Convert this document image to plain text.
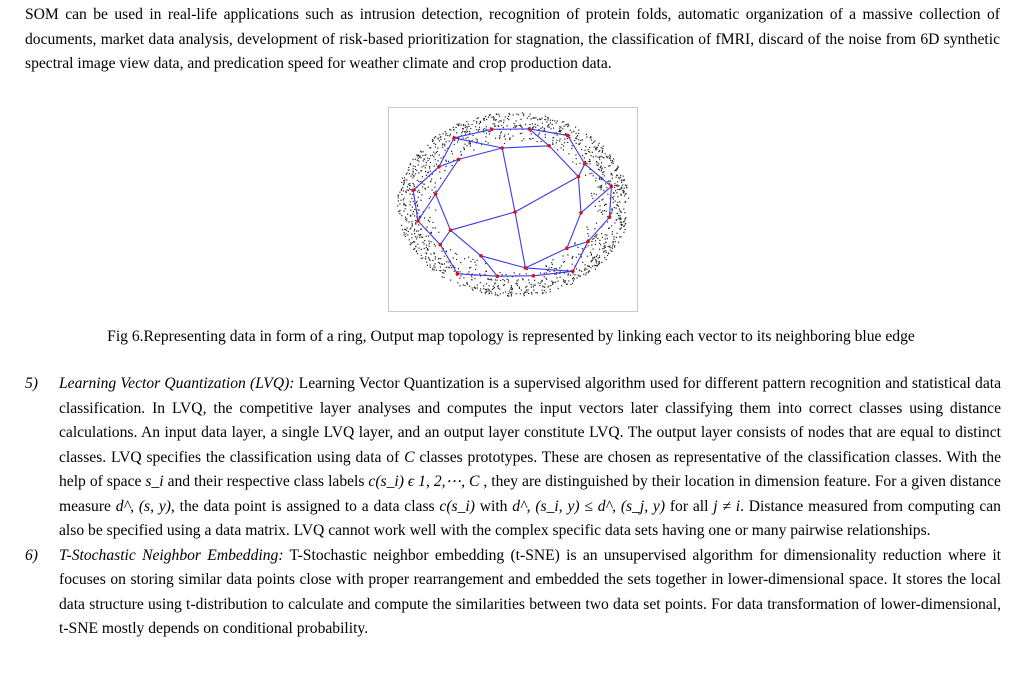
SOM can be used in real-life applications such as intrusion detection, recognition of protein folds, automatic organization of a massive collection of documents, market data analysis, development of risk-based prioritization for stagnation, the classification of fMRI, discard of the noise from 6D synthetic spectral image view data, and predication speed for weather climate and crop production data.

Fig 6.Representing data in form of a ring, Output map topology is represented by linking each vector to its neighboring blue edge

5) Learning Vector Quantization (LVQ): Learning Vector Quantization is a supervised algorithm used for different pattern recognition and statistical data classification. In LVQ, the competitive layer analyses and computes the input vectors later classifying them into correct classes using distance calculations. An input data layer, a single LVQ layer, and an output layer constitute LVQ. The output layer consists of nodes that are equal to distinct classes. LVQ specifies the classification using data of C classes prototypes. These are chosen as representative of the classification classes. With the help of space s_i and their respective class labels c(s_i) ϵ 1, 2,⋯, C , they are distinguished by their location in dimension feature. For a given distance measure d^, (s, y), the data point is assigned to a data class c(s_i) with d^, (s_i, y) ≤ d^, (s_j, y) for all j ≠ i. Distance measured from computing can also be specified using a data matrix. LVQ cannot work well with the complex specific data sets having one or many pairwise relationships.
6) T-Stochastic Neighbor Embedding: T-Stochastic neighbor embedding (t-SNE) is an unsupervised algorithm for dimensionality reduction where it focuses on storing similar data points close with proper rearrangement and embedded the sets together in lower-dimensional space. It stores the local data structure using t-distribution to calculate and compute the similarities between two data set points. For data transformation of lower-dimensional, t-SNE mostly depends on conditional probability.
